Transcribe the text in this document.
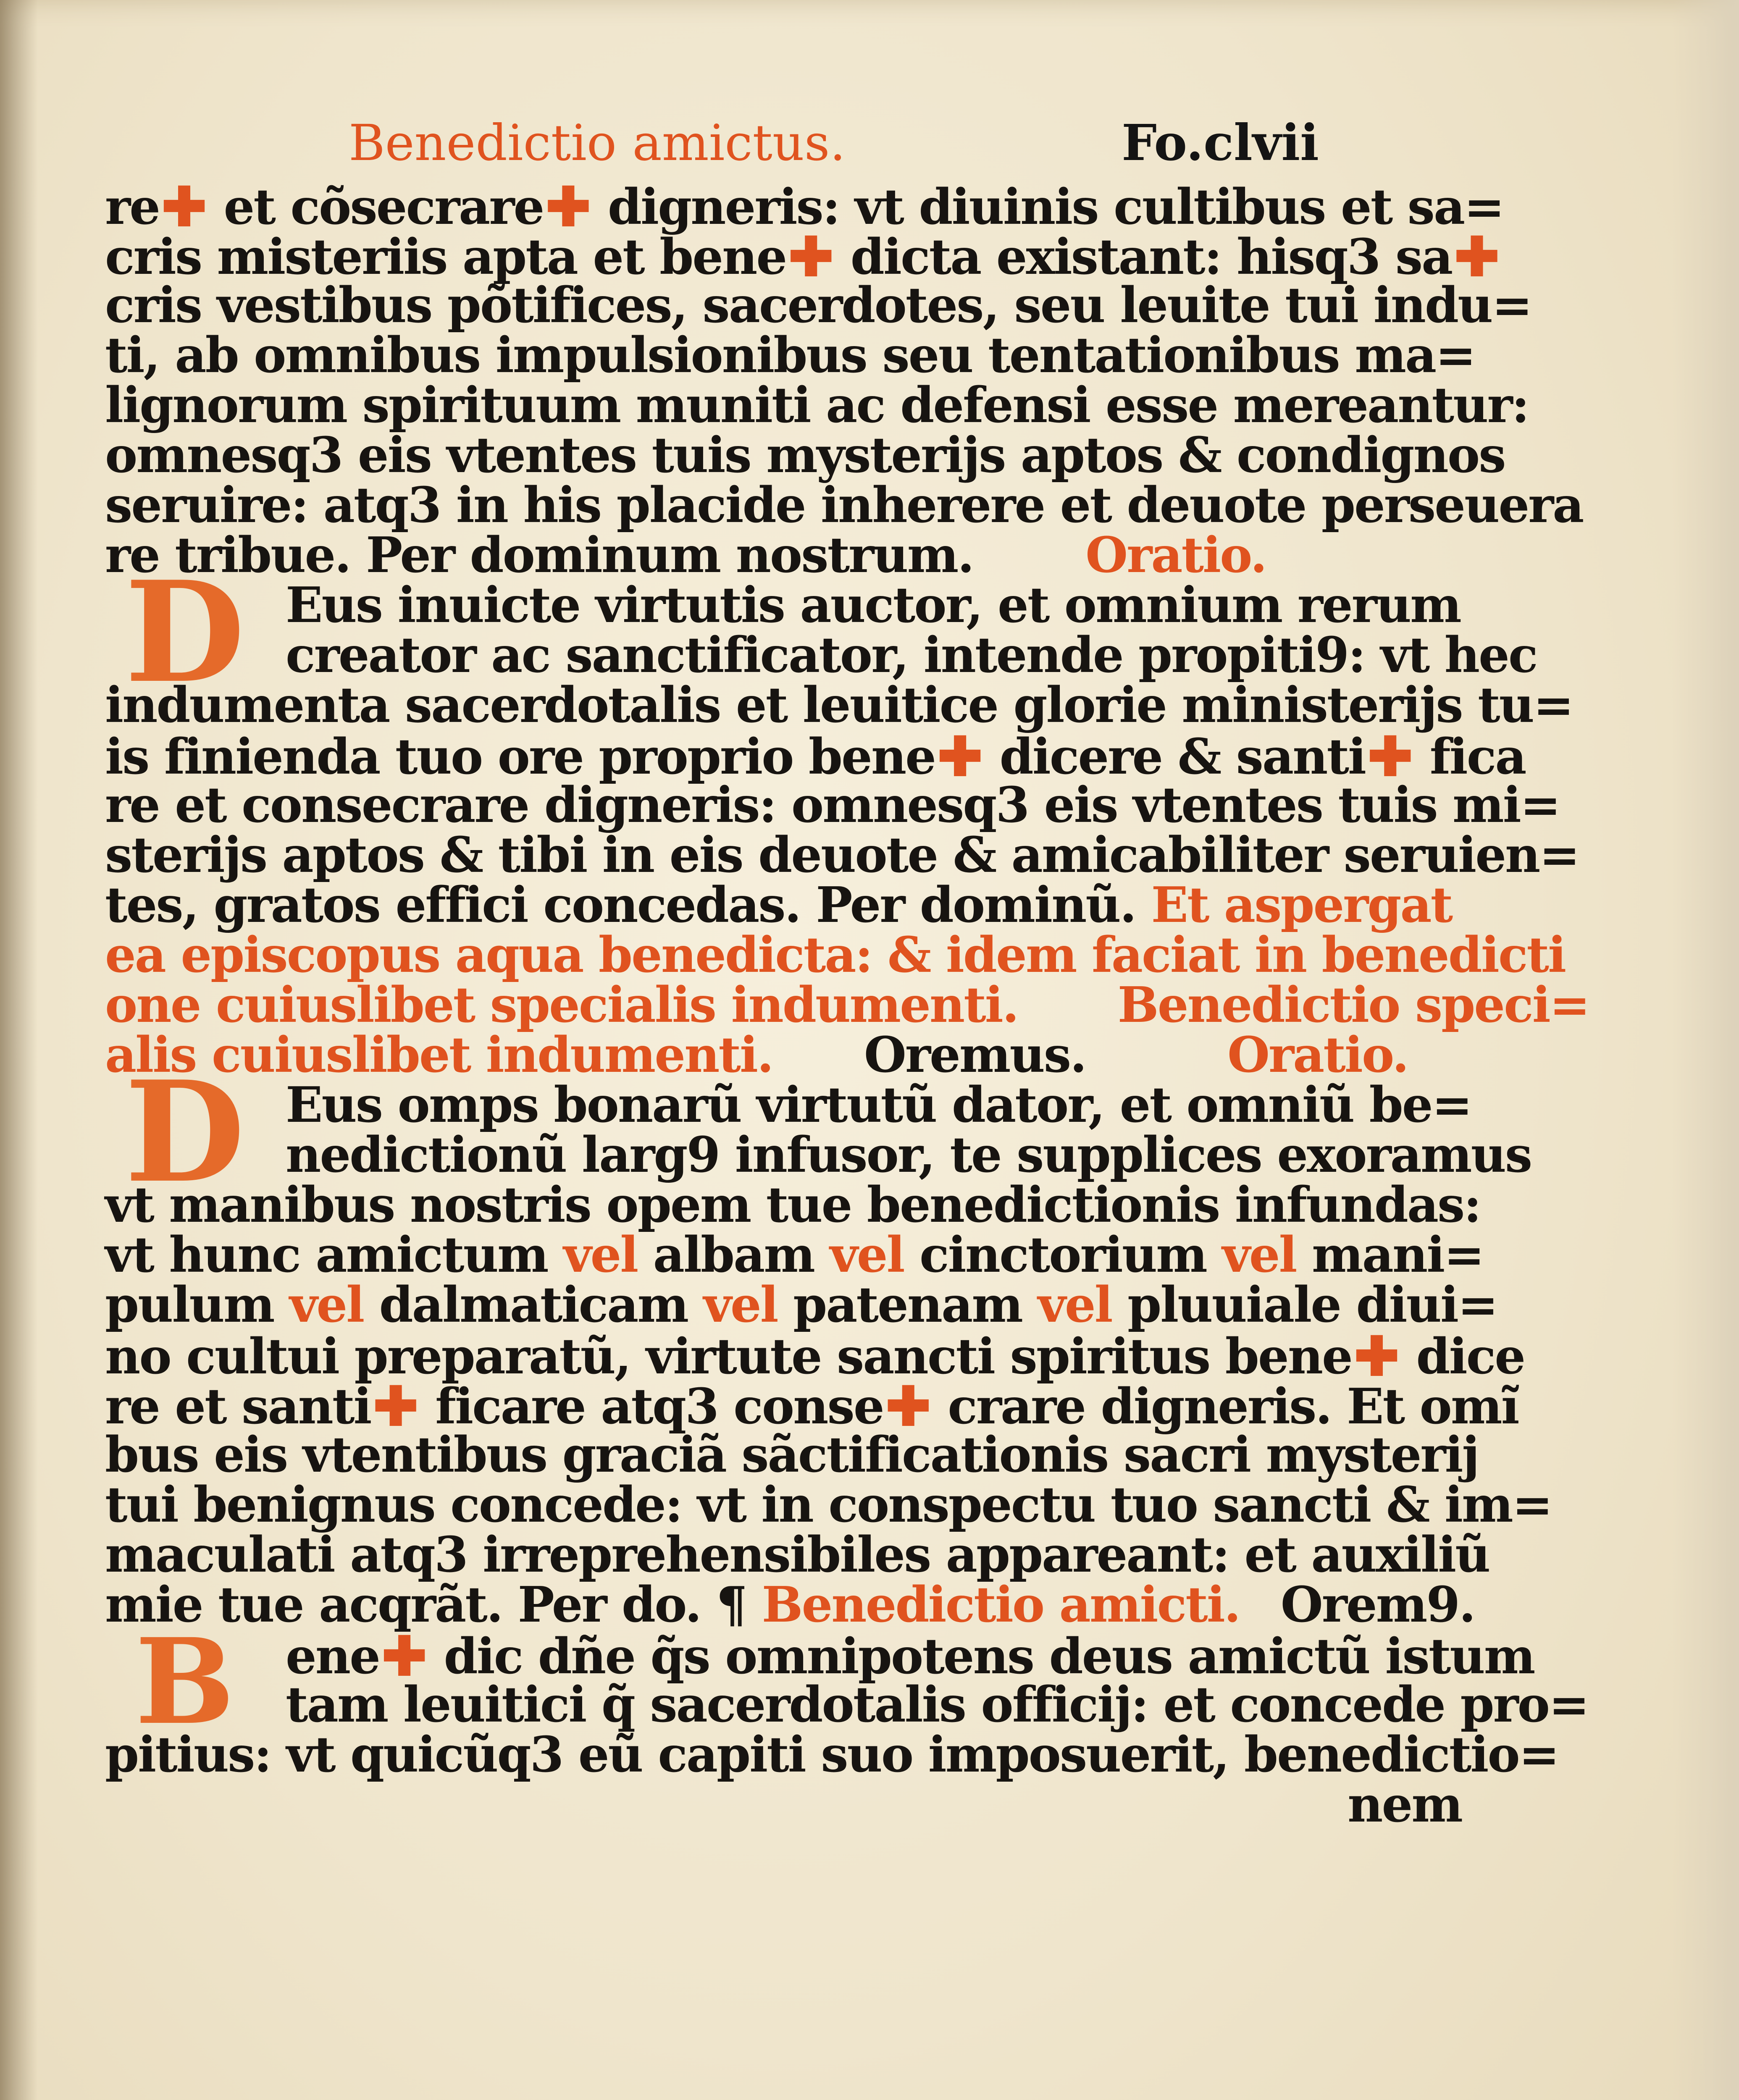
Benedictio amictus.	Fo.clvii
re✚ et cõsecrare✚ digneris: vt diuinis cultibus et sa=
cris misteriis apta et bene✚ dicta existant: hisq3 sa✚
cris vestibus põtifices, sacerdotes, seu leuite tui indu=
ti, ab omnibus impulsionibus seu tentationibus ma=
lignorum spirituum muniti ac defensi esse mereantur:
omnesq3 eis vtentes tuis mysterijs aptos & condignos
seruire: atq3 in his placide inherere et deuote perseuera
re tribue. Per dominum nostrum. Oratio.
D Eus inuicte virtutis auctor, et omnium rerum
creator ac sanctificator, intende propiti9: vt hec
indumenta sacerdotalis et leuitice glorie ministerijs tu=
is finienda tuo ore proprio bene✚ dicere & santi✚ fica
re et consecrare digneris: omnesq3 eis vtentes tuis mi=
sterijs aptos & tibi in eis deuote & amicabiliter seruien=
tes, gratos effici concedas. Per dominũ. Et aspergat
ea episcopus aqua benedicta: & idem faciat in benedicti
one cuiuslibet specialis indumenti. Benedictio speci=
alis cuiuslibet indumenti. Oremus.	Oratio.
D Eus omps bonarũ virtutũ dator, et omniũ be=
nedictionũ larg9 infusor, te supplices exoramus
vt manibus nostris opem tue benedictionis infundas:
vt hunc amictum vel albam vel cinctorium vel mani=
pulum vel dalmaticam vel patenam vel pluuiale diui=
no cultui preparatũ, virtute sancti spiritus bene✚ dice
re et santi✚ ficare atq3 conse✚ crare digneris. Et omĩ
bus eis vtentibus graciã sãctificationis sacri mysterij
tui benignus concede: vt in conspectu tuo sancti & im=
maculati atq3 irreprehensibiles appareant: et auxiliũ
mie tue acqrãt. Per do. ¶ Benedictio amicti. Orem9.
B	ene✚ dic dñe q̃s omnipotens deus amictũ istum
tam leuitici q̃ sacerdotalis officij: et concede pro=
pitius: vt quicũq3 eũ capiti suo imposuerit, benedictio=
nem
